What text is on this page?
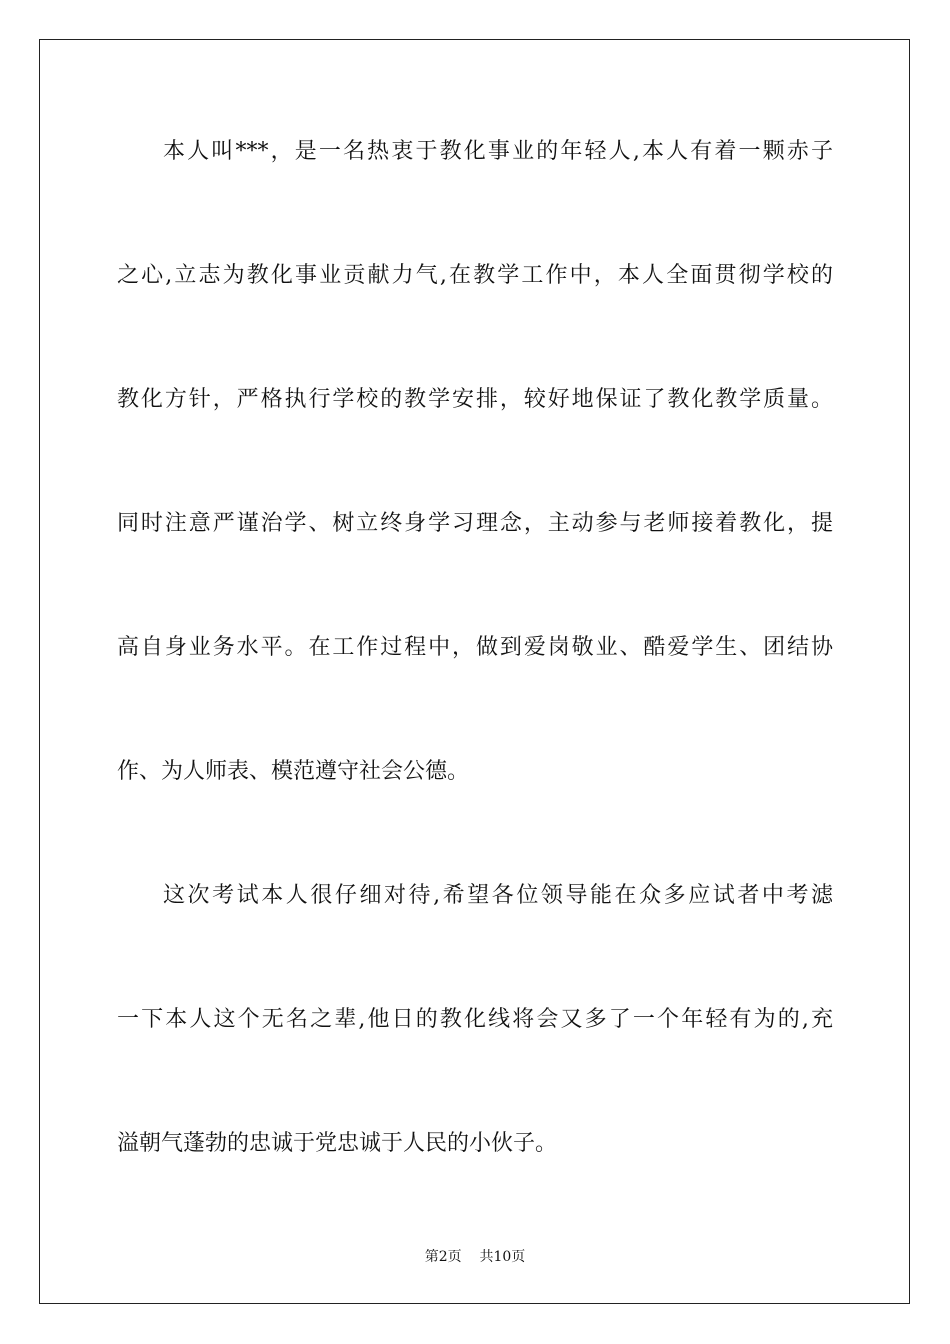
本人叫***，是一名热衷于教化事业的年轻人,本人有着一颗赤子
之心,立志为教化事业贡献力气,在教学工作中，本人全面贯彻学校的
教化方针，严格执行学校的教学安排，较好地保证了教化教学质量。
同时注意严谨治学、树立终身学习理念，主动参与老师接着教化，提
高自身业务水平。在工作过程中，做到爱岗敬业、酷爱学生、团结协
作、为人师表、模范遵守社会公德。
这次考试本人很仔细对待,希望各位领导能在众多应试者中考滤
一下本人这个无名之辈,他日的教化线将会又多了一个年轻有为的,充
溢朝气蓬勃的忠诚于党忠诚于人民的小伙子。
第2页 共10页
